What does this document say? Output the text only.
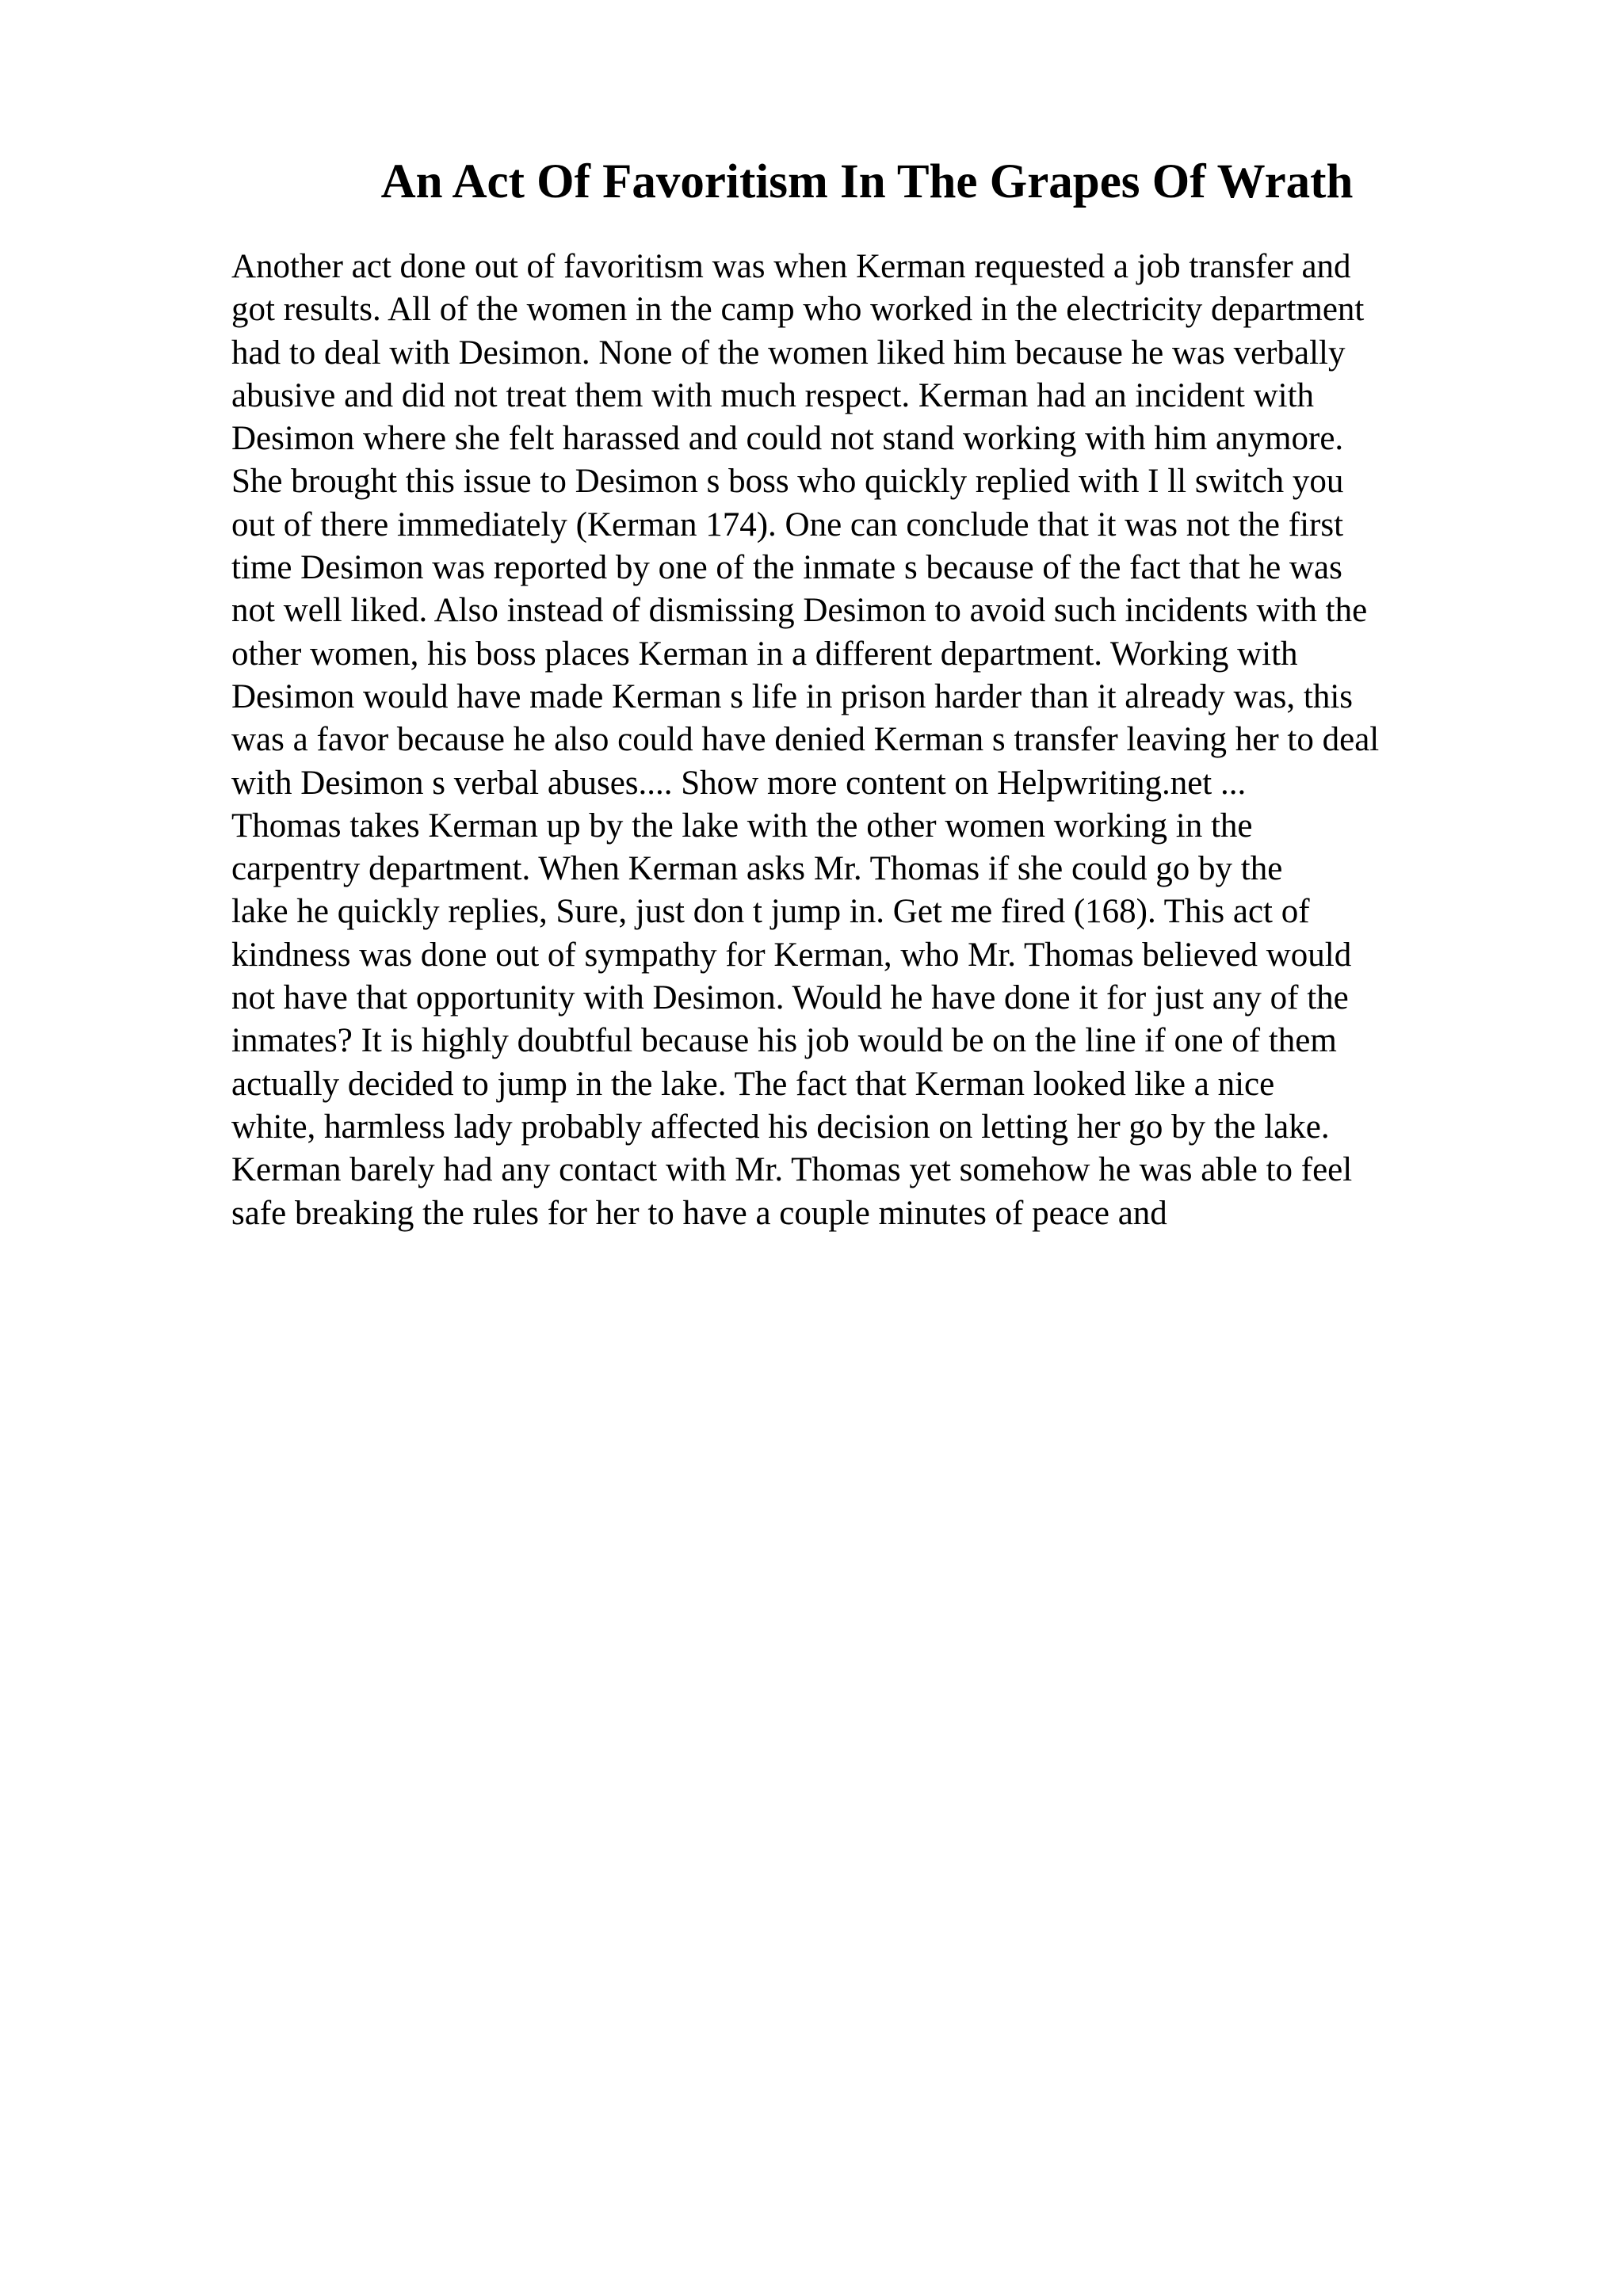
An Act Of Favoritism In The Grapes Of Wrath
Another act done out of favoritism was when Kerman requested a job transfer and
got results. All of the women in the camp who worked in the electricity department
had to deal with Desimon. None of the women liked him because he was verbally
abusive and did not treat them with much respect. Kerman had an incident with
Desimon where she felt harassed and could not stand working with him anymore.
She brought this issue to Desimon s boss who quickly replied with I ll switch you
out of there immediately (Kerman 174). One can conclude that it was not the first
time Desimon was reported by one of the inmate s because of the fact that he was
not well liked. Also instead of dismissing Desimon to avoid such incidents with the
other women, his boss places Kerman in a different department. Working with
Desimon would have made Kerman s life in prison harder than it already was, this
was a favor because he also could have denied Kerman s transfer leaving her to deal
with Desimon s verbal abuses.... Show more content on Helpwriting.net ...
Thomas takes Kerman up by the lake with the other women working in the
carpentry department. When Kerman asks Mr. Thomas if she could go by the
lake he quickly replies, Sure, just don t jump in. Get me fired (168). This act of
kindness was done out of sympathy for Kerman, who Mr. Thomas believed would
not have that opportunity with Desimon. Would he have done it for just any of the
inmates? It is highly doubtful because his job would be on the line if one of them
actually decided to jump in the lake. The fact that Kerman looked like a nice
white, harmless lady probably affected his decision on letting her go by the lake.
Kerman barely had any contact with Mr. Thomas yet somehow he was able to feel
safe breaking the rules for her to have a couple minutes of peace and
